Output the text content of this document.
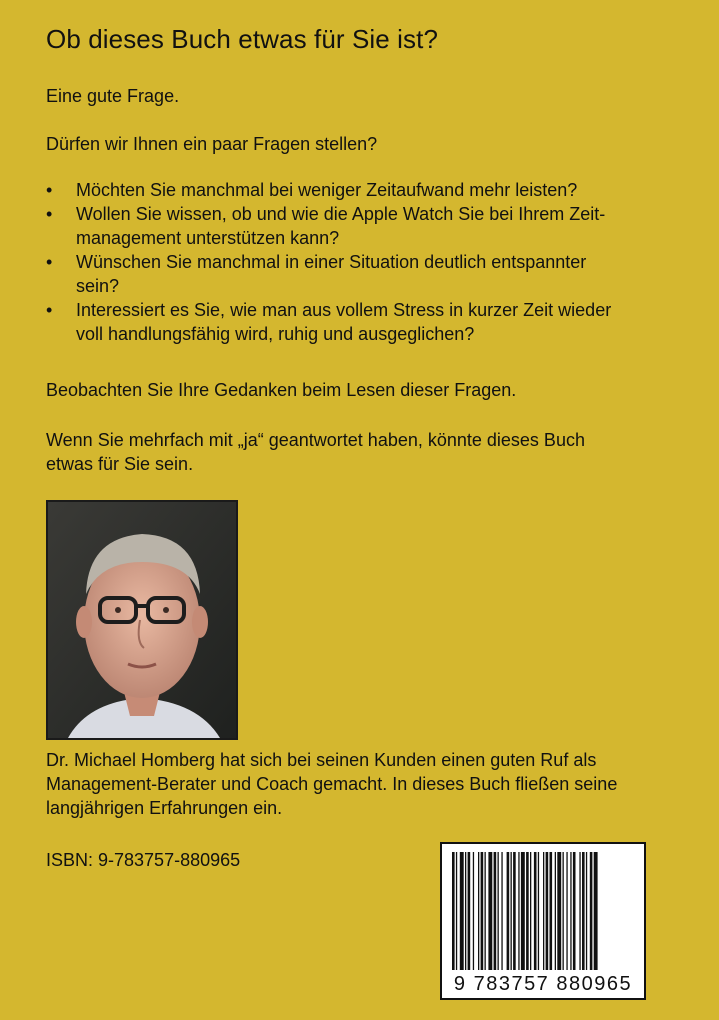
Ob dieses Buch etwas für Sie ist?

Eine gute Frage.

Dürfen wir Ihnen ein paar Fragen stellen?

•	Möchten Sie manchmal bei weniger Zeitaufwand mehr leisten?
•	Wollen Sie wissen, ob und wie die Apple Watch Sie bei Ihrem Zeit-
management unterstützen kann?
•	Wünschen Sie manchmal in einer Situation deutlich entspannter
sein?
•	Interessiert es Sie, wie man aus vollem Stress in kurzer Zeit wieder
voll handlungsfähig wird, ruhig und ausgeglichen?

Beobachten Sie Ihre Gedanken beim Lesen dieser Fragen.

Wenn Sie mehrfach mit „ja“ geantwortet haben, könnte dieses Buch
etwas für Sie sein.
Dr. Michael Homberg hat sich bei seinen Kunden einen guten Ruf als
Management-Berater und Coach gemacht. In dieses Buch fließen seine
langjährigen Erfahrungen ein.

ISBN: 9-783757-880965

9 783757 880965
